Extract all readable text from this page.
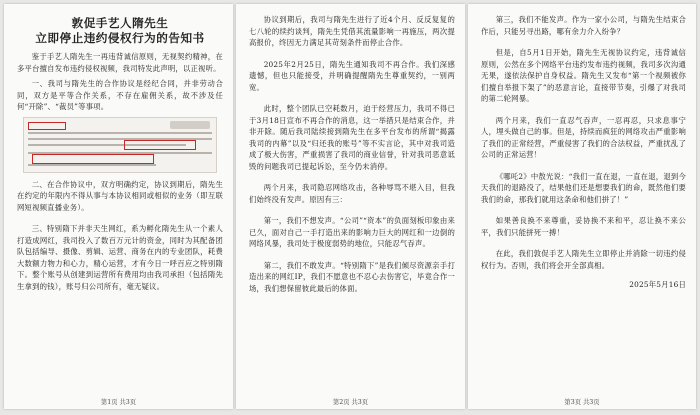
敦促手艺人隋先生
立即停止违约侵权行为的告知书

鉴于手艺人隋先生一再违背诚信原则，无视契约精神，在多平台擅自发布违约侵权视频，我司特发此声明，以正视听。

一、我司与隋先生的合作协议是经纪合同，并非劳动合同，双方是平等合作关系，不存在雇佣关系，故不涉及任何“开除”、“裁员”等事项。

二、在合作协议中，双方明确约定，协议到期后，隋先生在约定的年限内不得从事与本协议相同或相似的业务（即互联网短视频直播业务）。

三、特别隋下并非天生网红，系为孵化隋先生从一个素人打造成网红，我司投入了数百万元计的资金，同时为其配备团队包括编导、摄像、剪辑、运营、商务在内的专业团队，耗费大数额力物力和心力，精心运营，才有今日一呼百应之特别隋下。整个账号从创建到运营所有费用均由我司承担（包括隋先生拿到的钱），账号归公司所有，毫无疑议。

第1页 共3页

协议到期后，我司与隋先生进行了近4个月、反反复复的七八轮的续约谈判，隋先生凭借其流量影响一再施压，两次提高报价，终因无力满足其苛刻条件而停止合作。

2025年2月25日，隋先生通知我司不再合作。我们深感遗憾，但也只能接受，并明确提醒隋先生尊重契约，一别两宽。

此时，整个团队已空耗数月，迫于经营压力，我司不得已于3月18日宣布不再合作的消息，这一举措只是结束合作，并非开除。随后我司陆续接到隋先生在多平台发布的所谓“揭露我司的内幕”以及“归还我的账号”等不实言论，其中对我司造成了极大伤害，严重损害了我司的商业信誉，针对我司恶意诋毁的问题我司已提起诉讼，至今仍未消停。

两个月来，我司隐忍网络攻击，各种辱骂不堪入目，但我们始终没有发声。原因有三：

第一，我们不想发声。“公司”“资本”的负面刻板印象由来已久，面对自己一手打造出来的影响力巨大的网红和一边倒的网络风暴，我司处于极度弱势的地位，只能忍气吞声。

第二，我们不敢发声。“特别隋下”是我们倾尽资源亲手打造出来的网红IP，我们不愿意也不忍心去伤害它，毕竟合作一场，我们想保留彼此最后的体面。

第2页 共3页

第三，我们不能发声。作为一家小公司，与隋先生结束合作后，只能另寻出路，哪有余力介入纷争？

但是，自5月1日开始，隋先生无视协议约定，违背诚信原则，公然在多个网络平台违约发布违约视频，我司多次沟通无果，遂依法保护自身权益。隋先生又发布“第一个视频被你们擅自举报下架了”的恶意言论，直接带节奏，引爆了对我司的第二轮网暴。

两个月来，我们一直忍气吞声，一忍再忍，只求息事宁人，埋头做自己的事。但是，持续而疯狂的网络攻击严重影响了我们的正常经营，严重侵害了我们的合法权益，严重扰乱了公司的正常运营！

《哪吒2》中敖光说：“我们一直在退，一直在退，退到今天我们的退路没了，结果他们还是想要我们的命，既然他们要我们的命，那我们就用这条命和他们拼了！”

如果善良换不来尊重，妥协换不来和平，忍让换不来公平，我们只能拼死一搏！

在此，我们敦促手艺人隋先生立即停止并消除一切违约侵权行为。否则，我们将会开全部真相。

2025年5月16日

第3页 共3页
